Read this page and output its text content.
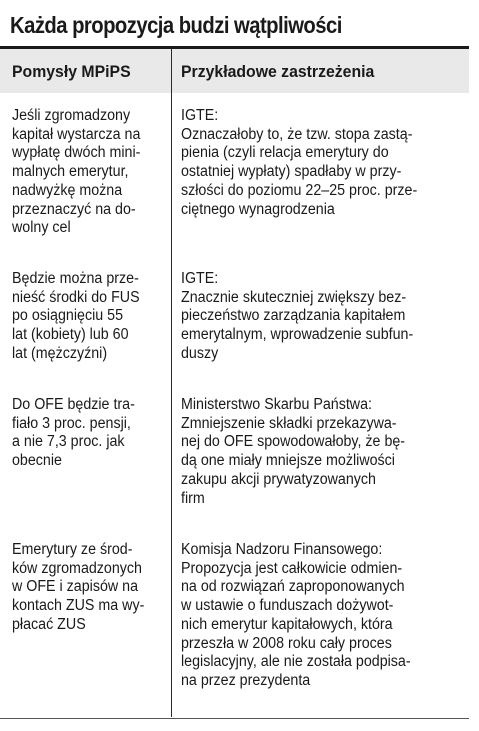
Każda propozycja budzi wątpliwości
Pomysły MPiPS	Przykładowe zastrzeżenia
Jeśli zgromadzony
kapitał wystarcza na
wypłatę dwóch mini-
malnych emerytur,
nadwyżkę można
przeznaczyć na do-
wolny cel
IGTE:
Oznaczałoby to, że tzw. stopa zastą-
pienia (czyli relacja emerytury do
ostatniej wypłaty) spadłaby w przy-
szłości do poziomu 22–25 proc. prze-
ciętnego wynagrodzenia
Będzie można prze-
nieść środki do FUS
po osiągnięciu 55
lat (kobiety) lub 60
lat (mężczyźni)
IGTE:
Znacznie skuteczniej zwiększy bez-
pieczeństwo zarządzania kapitałem
emerytalnym, wprowadzenie subfun-
duszy
Do OFE będzie tra-
fiało 3 proc. pensji,
a nie 7,3 proc. jak
obecnie
Ministerstwo Skarbu Państwa:
Zmniejszenie składki przekazywa-
nej do OFE spowodowałoby, że bę-
dą one miały mniejsze możliwości
zakupu akcji prywatyzowanych
firm
Emerytury ze środ-
ków zgromadzonych
w OFE i zapisów na
kontach ZUS ma wy-
płacać ZUS
Komisja Nadzoru Finansowego:
Propozycja jest całkowicie odmien-
na od rozwiązań zaproponowanych
w ustawie o funduszach dożywot-
nich emerytur kapitałowych, która
przeszła w 2008 roku cały proces
legislacyjny, ale nie została podpisa-
na przez prezydenta
